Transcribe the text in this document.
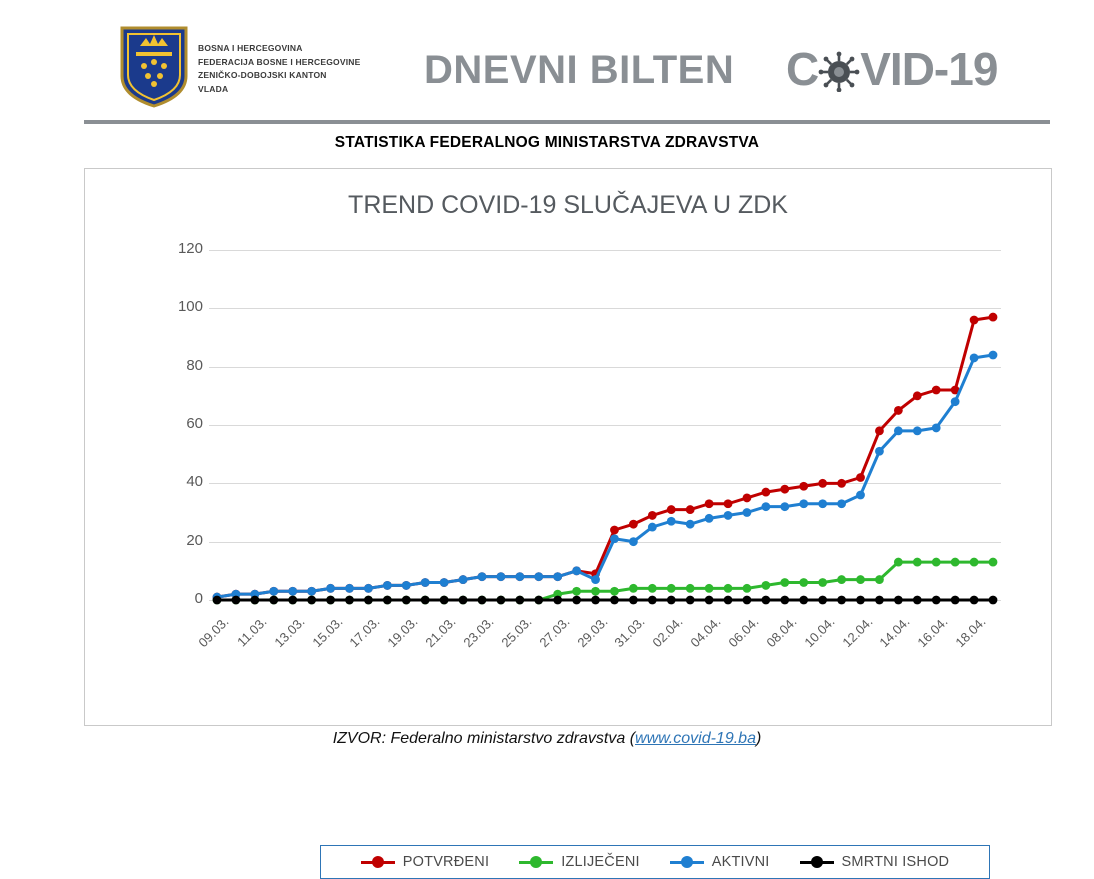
BOSNA I HERCEGOVINA
FEDERACIJA BOSNE I HERCEGOVINE
ZENIČKO-DOBOJSKI KANTON
VLADA	DNEVNI BILTEN C VID-19
STATISTIKA FEDERALNOG MINISTARSTVA ZDRAVSTVA
TREND COVID-19 SLUČAJEVA U ZDK
0
20
40
60
80
100
120
09.03. 11.03. 13.03. 15.03. 17.03. 19.03. 21.03. 23.03. 25.03. 27.03. 29.03. 31.03. 02.04. 04.04. 06.04. 08.04. 10.04. 12.04. 14.04. 16.04. 18.04.
POTVRĐENI	IZLIJEČENI	AKTIVNI	SMRTNI ISHOD
IZVOR: Federalno ministarstvo zdravstva (www.covid-19.ba)
